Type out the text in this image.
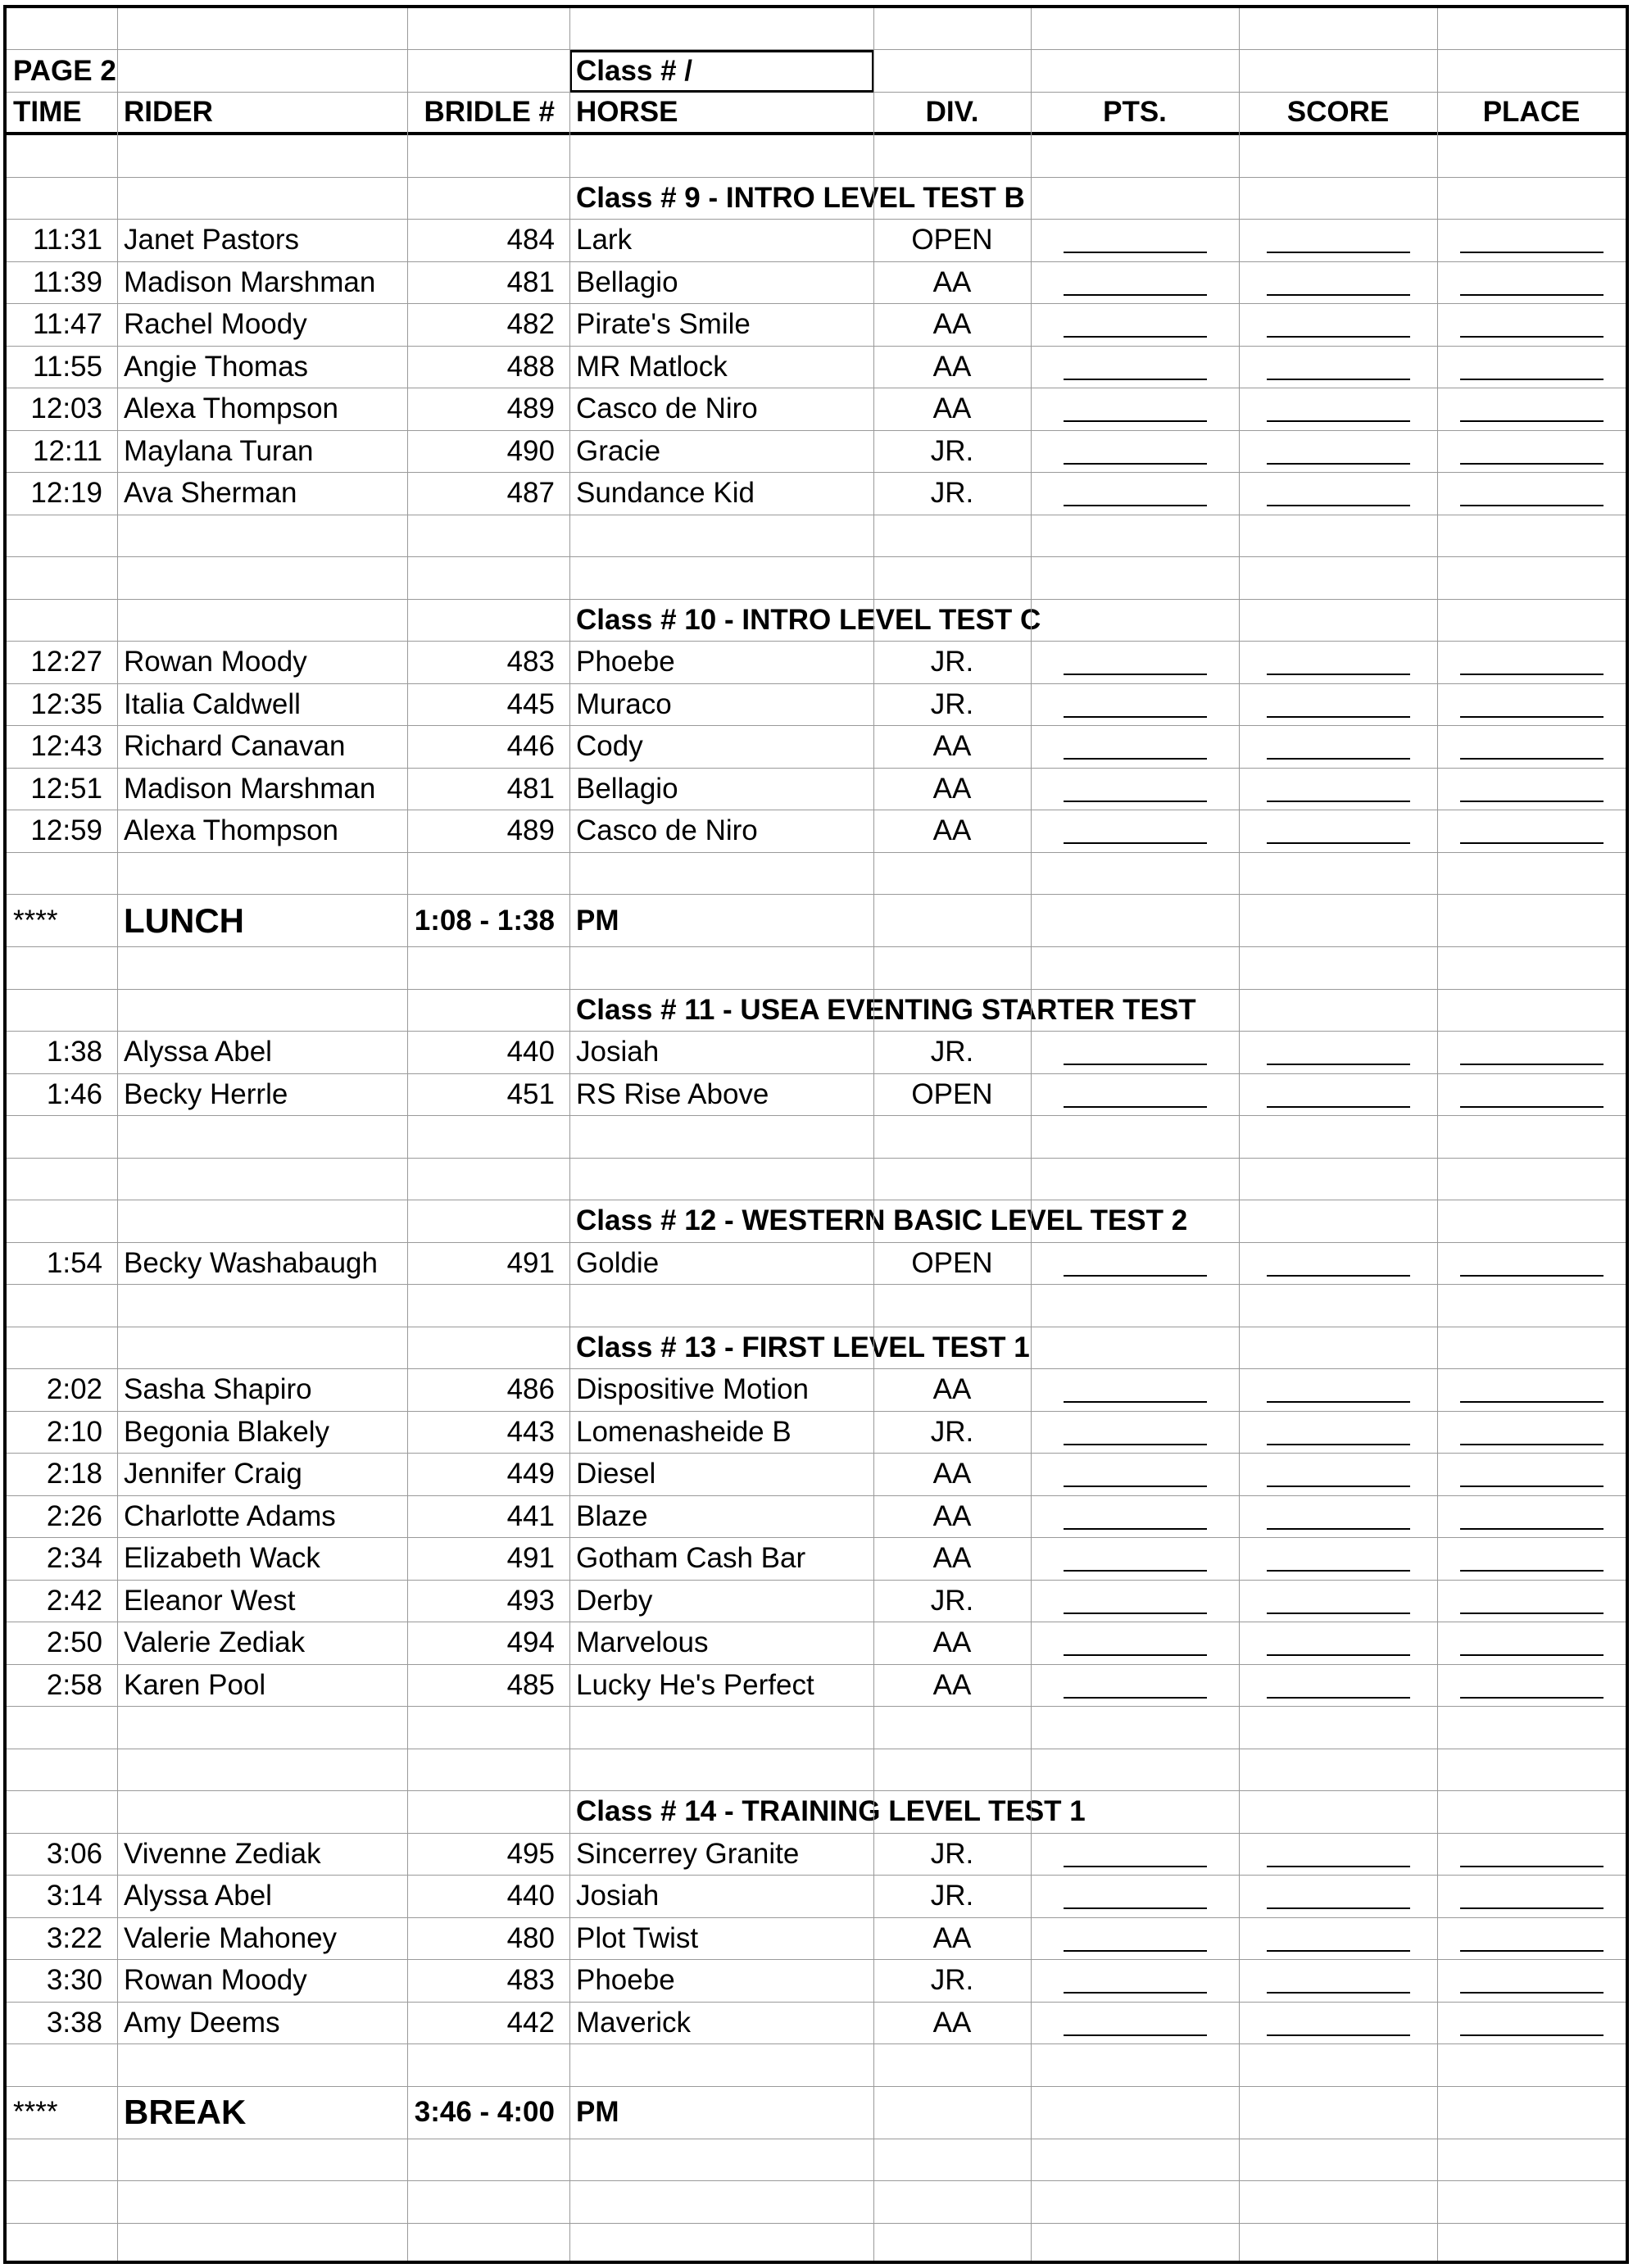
PAGE 2	Class # /
TIME	RIDER	BRIDLE # HORSE	DIV.	PTS.	SCORE	PLACE
Class # 9 - INTRO LEVEL TEST B
11:31 Janet Pastors	484 Lark	OPEN
11:39 Madison Marshman	481 Bellagio	AA
11:47 Rachel Moody	482 Pirate's Smile	AA
11:55 Angie Thomas	488 MR Matlock	AA
12:03 Alexa Thompson	489 Casco de Niro	AA
12:11 Maylana Turan	490 Gracie	JR.
12:19 Ava Sherman	487 Sundance Kid	JR.
Class # 10 - INTRO LEVEL TEST C
12:27 Rowan Moody	483 Phoebe	JR.
12:35 Italia Caldwell	445 Muraco	JR.
12:43 Richard Canavan	446 Cody	AA
12:51 Madison Marshman	481 Bellagio	AA
12:59 Alexa Thompson	489 Casco de Niro	AA
****	LUNCH	1:08 - 1:38 PM
Class # 11 - USEA EVENTING STARTER TEST
1:38 Alyssa Abel	440 Josiah	JR.
1:46 Becky Herrle	451 RS Rise Above	OPEN
Class # 12 - WESTERN BASIC LEVEL TEST 2
1:54 Becky Washabaugh	491 Goldie	OPEN
Class # 13 - FIRST LEVEL TEST 1
2:02 Sasha Shapiro	486 Dispositive Motion	AA
2:10 Begonia Blakely	443 Lomenasheide B	JR.
2:18 Jennifer Craig	449 Diesel	AA
2:26 Charlotte Adams	441 Blaze	AA
2:34 Elizabeth Wack	491 Gotham Cash Bar	AA
2:42 Eleanor West	493 Derby	JR.
2:50 Valerie Zediak	494 Marvelous	AA
2:58 Karen Pool	485 Lucky He's Perfect	AA
Class # 14 - TRAINING LEVEL TEST 1
3:06 Vivenne Zediak	495 Sincerrey Granite	JR.
3:14 Alyssa Abel	440 Josiah	JR.
3:22 Valerie Mahoney	480 Plot Twist	AA
3:30 Rowan Moody	483 Phoebe	JR.
3:38 Amy Deems	442 Maverick	AA
****	BREAK	3:46 - 4:00 PM
